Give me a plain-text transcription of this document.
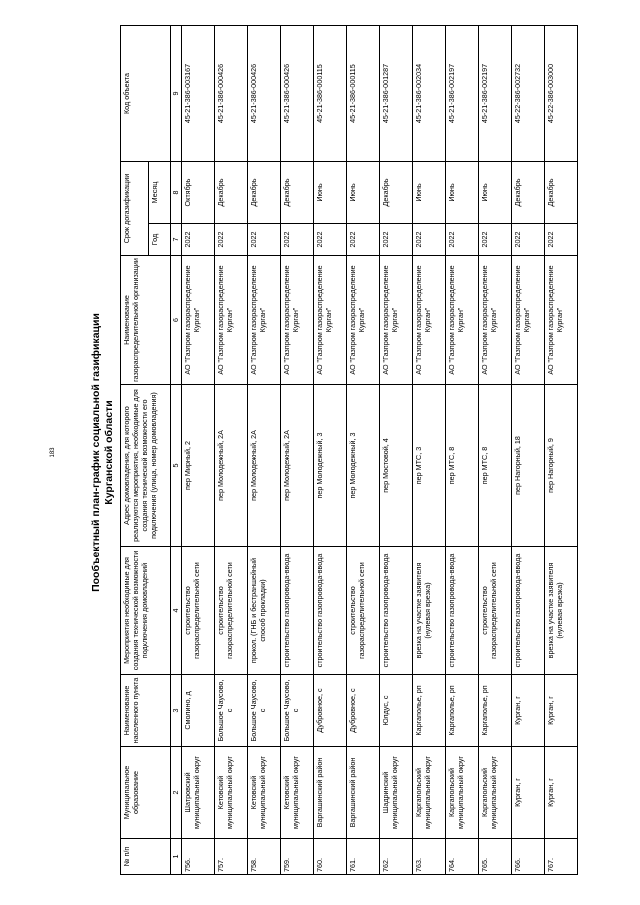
183	Пообъектный план-график социальной газификации Курганской области
№ п/п	Муниципальное образование	Наименование населенного пункта	Мероприятия необходимые для создания технической возможности подключения домовладений	Адрес домовладения, для которого реализуются мероприятия, необходимые для создания технической возможности его подключения (улица, номер домовладения)	Наименование газораспределительной организации	Срок догазификации		Код объекта
						Год	Месяц	
1	2	3	4	5	6	7	8	9
756.	Шатровский муниципальный округ	Смолино, д	строительство газораспределительной сети	пер Мирный, 2	АО "Газпром газораспределение Курган"	2022	Октябрь	45-21-386-003167
757.	Кетовский муниципальный округ	Большое Чаусово, с	строительство газораспределительной сети	пер Молодежный, 2А	АО "Газпром газораспределение Курган"	2022	Декабрь	45-21-386-000426
758.	Кетовский муниципальный округ	Большое Чаусово, с	прокол. (ГНБ и бестраншейный способ прокладки)	пер Молодежный, 2А	АО "Газпром газораспределение Курган"	2022	Декабрь	45-21-386-000426
759.	Кетовский муниципальный округ	Большое Чаусово, с	строительство газопровода-ввода	пер Молодежный, 2А	АО "Газпром газораспределение Курган"	2022	Декабрь	45-21-386-000426
760.	Варгашинский район	Дубровное, с	строительство газопровода-ввода	пер Молодежный, 3	АО "Газпром газораспределение Курган"	2022	Июнь	45-21-386-000115
761.	Варгашинский район	Дубровное, с	строительство газораспределительной сети	пер Молодежный, 3	АО "Газпром газораспределение Курган"	2022	Июнь	45-21-386-000115
762.	Шадринский муниципальный округ	Юлдус, с	строительство газопровода-ввода	пер Мостовой, 4	АО "Газпром газораспределение Курган"	2022	Декабрь	45-21-386-001287
763.	Каргапольский муниципальный округ	Каргаполье, рп	врезка на участке заявителя (нулевая врезка)	пер МТС, 3	АО "Газпром газораспределение Курган"	2022	Июнь	45-21-386-002034
764.	Каргапольский муниципальный округ	Каргаполье, рп	строительство газопровода-ввода	пер МТС, 8	АО "Газпром газораспределение Курган"	2022	Июнь	45-21-386-002197
765.	Каргапольский муниципальный округ	Каргаполье, рп	строительство газораспределительной сети	пер МТС, 8	АО "Газпром газораспределение Курган"	2022	Июнь	45-21-386-002197
766.	Курган, г	Курган, г	строительство газопровода-ввода	пер Нагорный, 18	АО "Газпром газораспределение Курган"	2022	Декабрь	45-22-386-002732
767.	Курган, г	Курган, г	врезка на участке заявителя (нулевая врезка)	пер Нагорный, 9	АО "Газпром газораспределение Курган"	2022	Декабрь	45-22-386-003000
